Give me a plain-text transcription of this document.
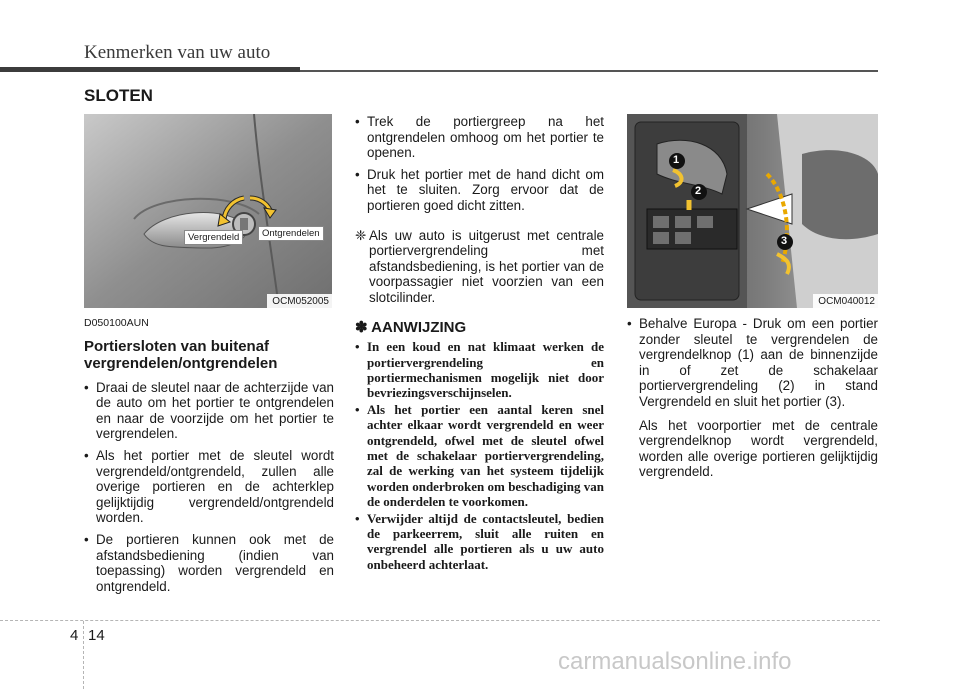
Kenmerken van uw auto
SLOTEN
Vergrendeld	Ontgrendelen
OCM052005
D050100AUN
Portiersloten van buitenaf vergrendelen/ontgrendelen
• Draai de sleutel naar de achterzijde van de auto om het portier te ontgrendelen en naar de voorzijde om het portier te vergrendelen.
• Als het portier met de sleutel wordt vergrendeld/ontgrendeld, zullen alle overige portieren en de achterklep gelijktijdig vergrendeld/ontgrendeld worden.
• De portieren kunnen ook met de afstandsbediening (indien van toepassing) worden vergrendeld en ontgrendeld.
• Trek de portiergreep na het ontgrendelen omhoog om het portier te openen.
• Druk het portier met de hand dicht om het te sluiten. Zorg ervoor dat de portieren goed dicht zitten.
❈ Als uw auto is uitgerust met centrale portiervergrendeling met afstandsbediening, is het portier van de voorpassagier niet voorzien van een slotcilinder.
✽ AANWIJZING
• In een koud en nat klimaat werken de portiervergrendeling en portiermechanismen mogelijk niet door bevriezingsverschijnselen.
• Als het portier een aantal keren snel achter elkaar wordt vergrendeld en weer ontgrendeld, ofwel met de sleutel ofwel met de schakelaar portiervergrendeling, zal de werking van het systeem tijdelijk worden onderbroken om beschadiging van de onderdelen te voorkomen.
• Verwijder altijd de contactsleutel, bedien de parkeerrem, sluit alle ruiten en vergrendel alle portieren als u uw auto onbeheerd achterlaat.
1
2
3
OCM040012
• Behalve Europa - Druk om een portier zonder sleutel te vergrendelen de vergrendelknop (1) aan de binnenzijde in of zet de schakelaar portiervergrendeling (2) in stand Vergrendeld en sluit het portier (3).
Als het voorportier met de centrale vergrendelknop wordt vergrendeld, worden alle overige portieren gelijktijdig vergrendeld.
4 14
carmanualsonline.info
